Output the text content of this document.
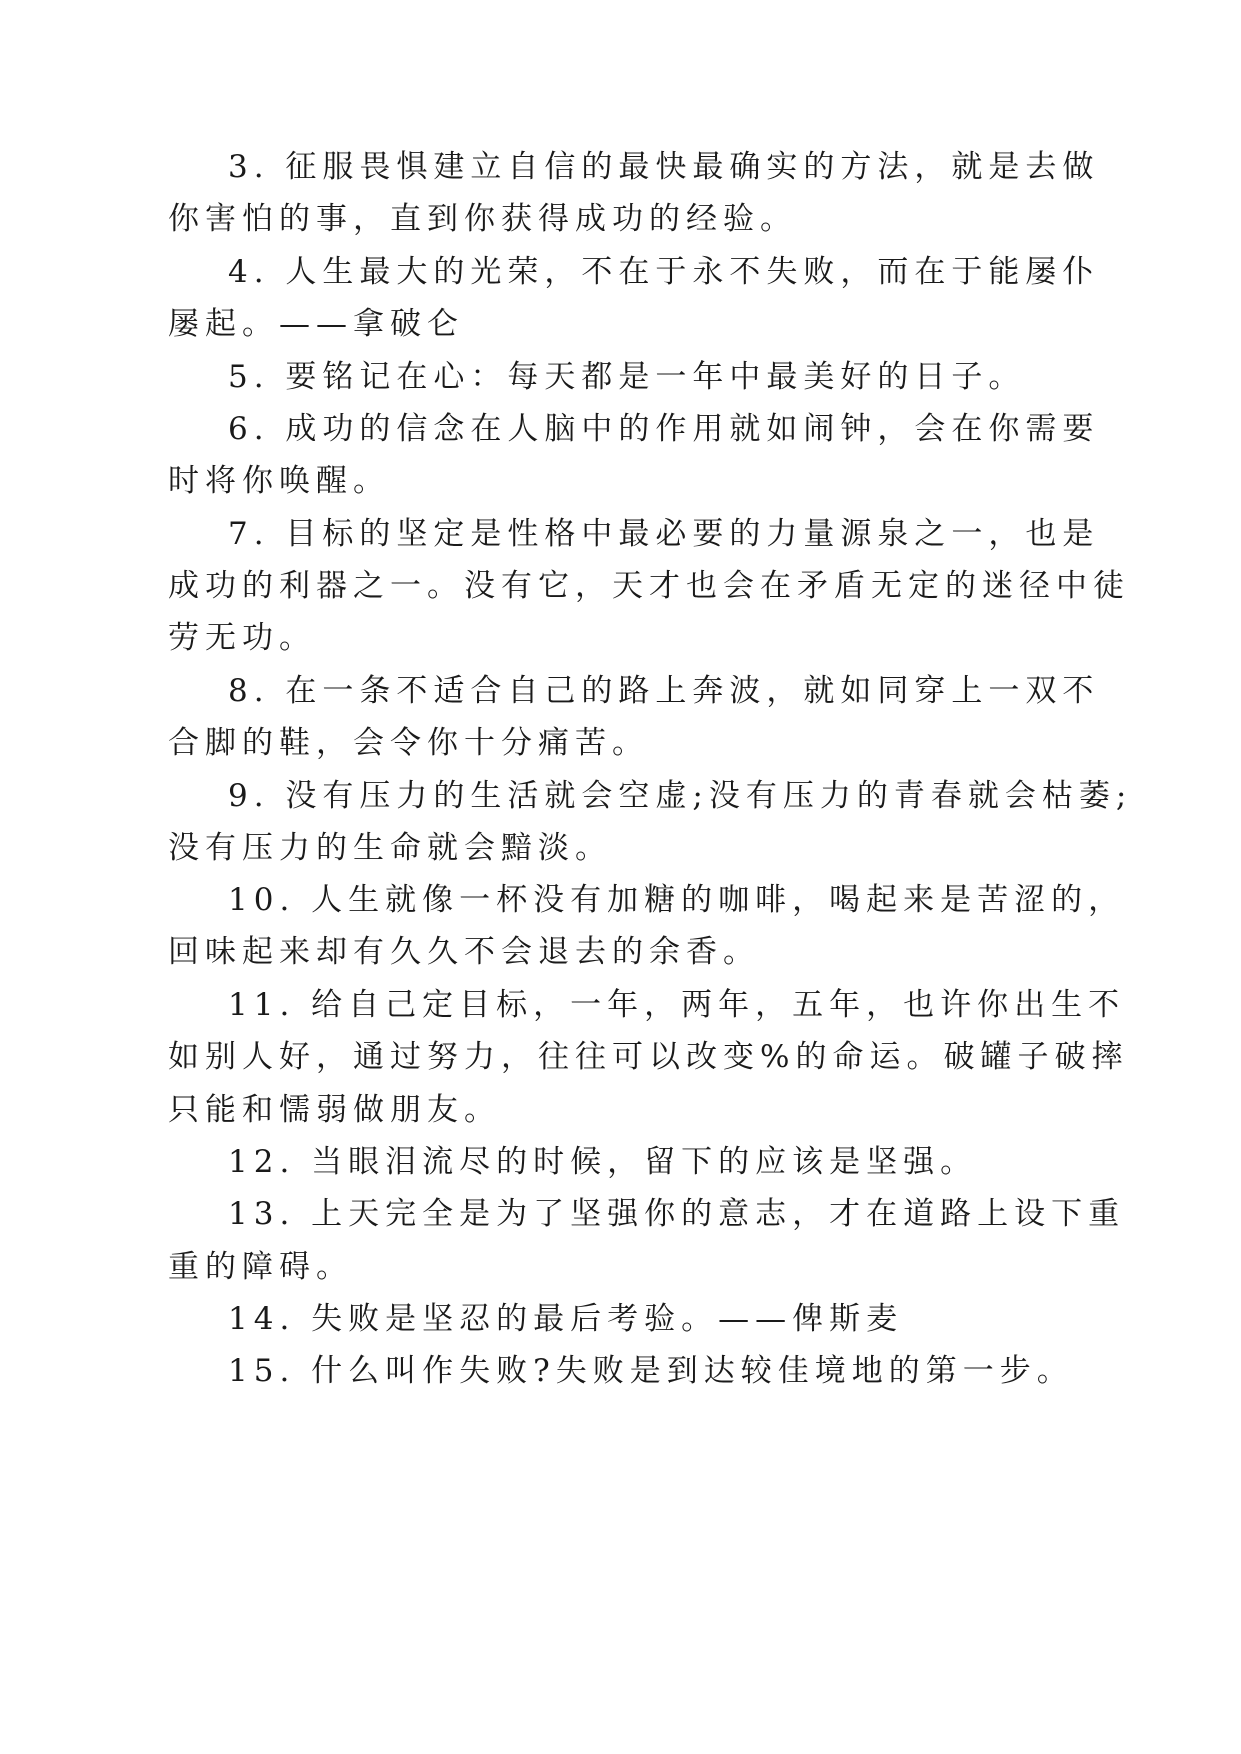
3. 征服畏惧建立自信的最快最确实的方法，就是去做
你害怕的事，直到你获得成功的经验。
4. 人生最大的光荣，不在于永不失败，而在于能屡仆
屡起。——拿破仑
5. 要铭记在心：每天都是一年中最美好的日子。
6. 成功的信念在人脑中的作用就如闹钟，会在你需要
时将你唤醒。
7. 目标的坚定是性格中最必要的力量源泉之一，也是
成功的利器之一。没有它，天才也会在矛盾无定的迷径中徒
劳无功。
8. 在一条不适合自己的路上奔波，就如同穿上一双不
合脚的鞋，会令你十分痛苦。
9. 没有压力的生活就会空虚;没有压力的青春就会枯萎;
没有压力的生命就会黯淡。
10. 人生就像一杯没有加糖的咖啡，喝起来是苦涩的，
回味起来却有久久不会退去的余香。
11. 给自己定目标，一年，两年，五年，也许你出生不
如别人好，通过努力，往往可以改变%的命运。破罐子破摔
只能和懦弱做朋友。
12. 当眼泪流尽的时候，留下的应该是坚强。
13. 上天完全是为了坚强你的意志，才在道路上设下重
重的障碍。
14. 失败是坚忍的最后考验。——俾斯麦
15. 什么叫作失败?失败是到达较佳境地的第一步。
